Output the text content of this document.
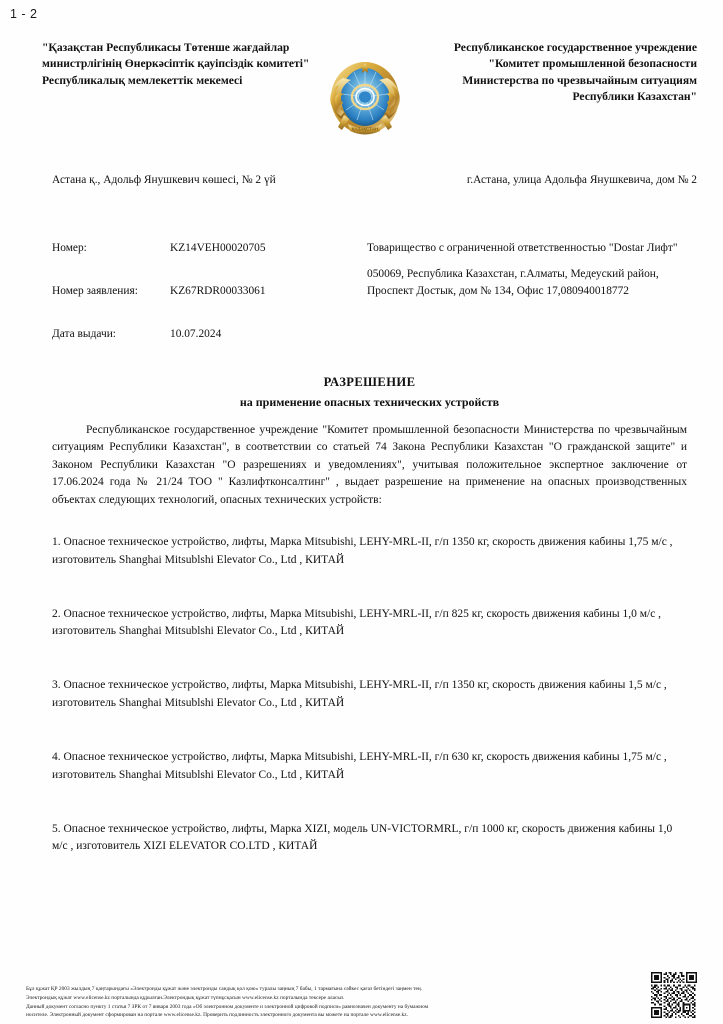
1 - 2
"Қазақстан Республикасы Төтенше жағдайлар министрлігінің Өнеркәсіптік қауіпсіздік комитеті" Республикалық мемлекеттік мекемесі
ҚАЗАҚСТАН
Республиканское государственное учреждение "Комитет промышленной безопасности Министерства по чрезвычайным ситуациям Республики Казахстан"
Астана қ., Адольф Янушкевич көшесі, № 2 үй	г.Астана, улица Адольфа Янушкевича, дом № 2
Номер:	KZ14VEH00020705
Номер заявления:	KZ67RDR00033061
Дата выдачи:	10.07.2024
Товарищество с ограниченной ответственностью "Dostar Лифт"
050069, Республика Казахстан, г.Алматы, Медеуский район, Проспект Достык, дом № 134, Офис 17,080940018772
РАЗРЕШЕНИЕ
на применение опасных технических устройств
Республиканское государственное учреждение "Комитет промышленной безопасности Министерства по чрезвычайным ситуациям Республики Казахстан", в соответствии со статьей 74 Закона Республики Казахстан "О гражданской защите" и Законом Республики Казахстан "О разрешениях и уведомлениях", учитывая положительное экспертное заключение от 17.06.2024 года № 21/24 ТОО " Казлифтконсалтинг" , выдает разрешение на применение на опасных производственных объектах следующих технологий, опасных технических устройств:
1. Опасное техническое устройство, лифты, Марка Mitsubishi, LEHY-MRL-II, г/п 1350 кг, скорость движения кабины 1,75 м/с , изготовитель Shanghai Mitsublshi Elevator Co., Ltd , КИТАЙ
2. Опасное техническое устройство, лифты, Марка Mitsubishi, LEHY-MRL-II, г/п 825 кг, скорость движения кабины 1,0 м/с , изготовитель Shanghai Mitsublshi Elevator Co., Ltd , КИТАЙ
3. Опасное техническое устройство, лифты, Марка Mitsubishi, LEHY-MRL-II, г/п 1350 кг, скорость движения кабины 1,5 м/с , изготовитель Shanghai Mitsublshi Elevator Co., Ltd , КИТАЙ
4. Опасное техническое устройство, лифты, Марка Mitsubishi, LEHY-MRL-II, г/п 630 кг, скорость движения кабины 1,75 м/с , изготовитель Shanghai Mitsublshi Elevator Co., Ltd , КИТАЙ
5. Опасное техническое устройство, лифты, Марка XIZI, модель UN-VICTORMRL, г/п 1000 кг, скорость движения кабины 1,0 м/с , изготовитель XIZI ELEVATOR CO.LTD , КИТАЙ
Бұл құжат ҚР 2003 жылдың 7 қаңтарындағы «Электронды құжат және электронды сандық қол қою» туралы заңның 7 бабы, 1 тармағына сәйкес қағаз бетіндегі заңмен тең.
Электрондық құжат www.elicense.kz порталында құрылған.Электрондық құжат түпнұсқасын www.elicense.kz порталында тексере аласыз.
Данный документ согласно пункту 1 статья 7 ЗРК от 7 января 2003 года «Об электронном документе и электронной цифровой подписи» равнозначен документу на бумажном
носителе. Электронный документ сформирован на портале www.elicense.kz. Проверить подлинность электронного документа вы можете на портале www.elicense.kz.
